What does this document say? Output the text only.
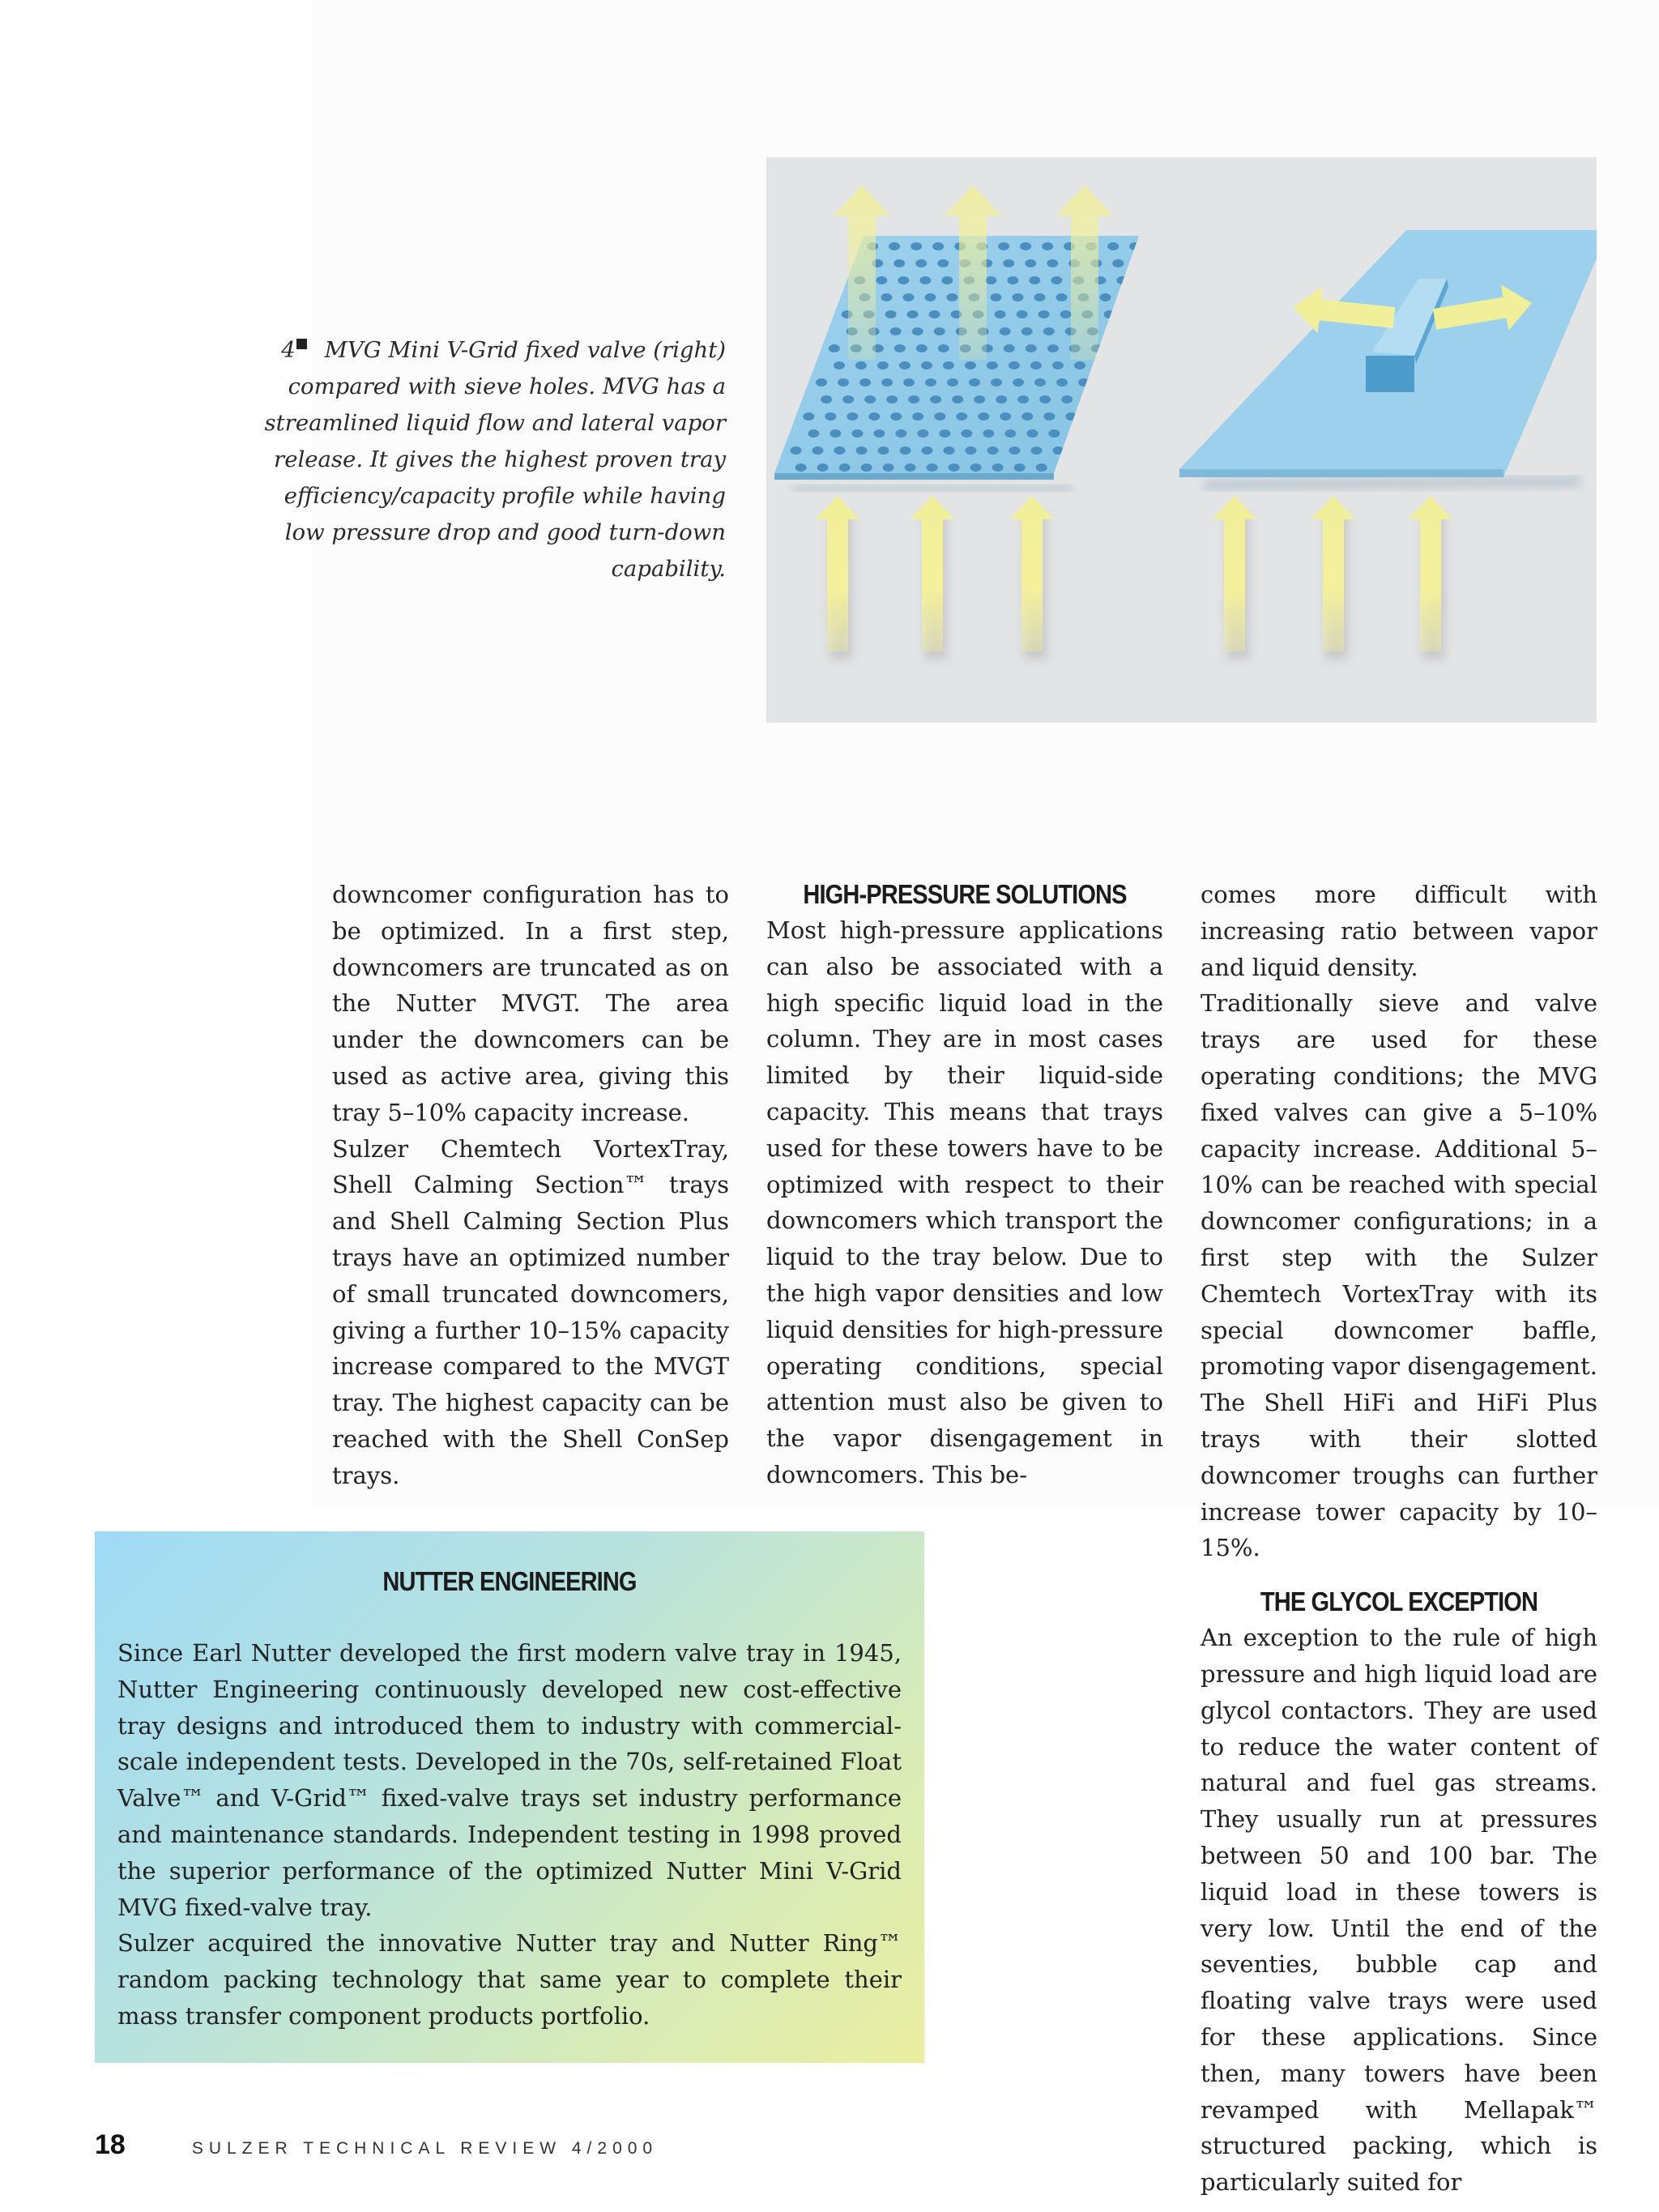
4 MVG Mini V-Grid fixed valve (right) compared with sieve holes. MVG has a streamlined liquid flow and lateral vapor release. It gives the highest proven tray efficiency/capacity profile while having low pressure drop and good turn-down capability.

downcomer configuration has to be optimized. In a first step, downcomers are truncated as on the Nutter MVGT. The area under the downcomers can be used as active area, giving this tray 5–10% capacity increase.

Sulzer Chemtech VortexTray, Shell Calming Section™ trays and Shell Calming Section Plus trays have an optimized number of small truncated downcomers, giving a further 10–15% capacity increase compared to the MVGT tray. The highest capacity can be reached with the Shell ConSep trays.

HIGH-PRESSURE SOLUTIONS

Most high-pressure applications can also be associated with a high specific liquid load in the column. They are in most cases limited by their liquid-side capacity. This means that trays used for these towers have to be optimized with respect to their downcomers which transport the liquid to the tray below. Due to the high vapor densities and low liquid densities for high-pressure operating conditions, special attention must also be given to the vapor disengagement in downcomers. This be-

comes more difficult with increasing ratio between vapor and liquid density.

Traditionally sieve and valve trays are used for these operating conditions; the MVG fixed valves can give a 5–10% capacity increase. Additional 5–10% can be reached with special downcomer configurations; in a first step with the Sulzer Chemtech VortexTray with its special downcomer baffle, promoting vapor disengagement. The Shell HiFi and HiFi Plus trays with their slotted downcomer troughs can further increase tower capacity by 10–15%.

THE GLYCOL EXCEPTION

An exception to the rule of high pressure and high liquid load are glycol contactors. They are used to reduce the water content of natural and fuel gas streams. They usually run at pressures between 50 and 100 bar. The liquid load in these towers is very low. Until the end of the seventies, bubble cap and floating valve trays were used for these applications. Since then, many towers have been revamped with Mellapak™ structured packing, which is particularly suited for

NUTTER ENGINEERING

Since Earl Nutter developed the first modern valve tray in 1945, Nutter Engineering continuously developed new cost-effective tray designs and introduced them to industry with commercial-scale independent tests. Developed in the 70s, self-retained Float Valve™ and V-Grid™ fixed-valve trays set industry performance and maintenance standards. Independent testing in 1998 proved the superior performance of the optimized Nutter Mini V-Grid MVG fixed-valve tray.

Sulzer acquired the innovative Nutter tray and Nutter Ring™ random packing technology that same year to complete their mass transfer component products portfolio.

18	SULZER TECHNICAL REVIEW 4/2000
